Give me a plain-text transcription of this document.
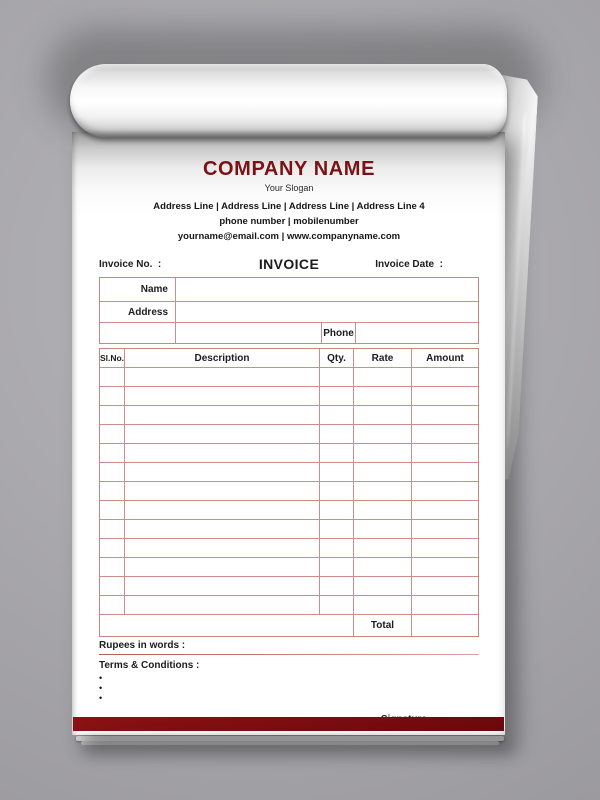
COMPANY NAME
Your Slogan
Address Line | Address Line | Address Line | Address Line 4
phone number | mobilenumber
yourname@email.com | www.companyname.com
Invoice No.  :	INVOICE	Invoice Date  :
Name
Address
Phone
Sl.No.	Description	Qty.	Rate	Amount
Total
Rupees in words :
Terms & Conditions :
•
•
•
